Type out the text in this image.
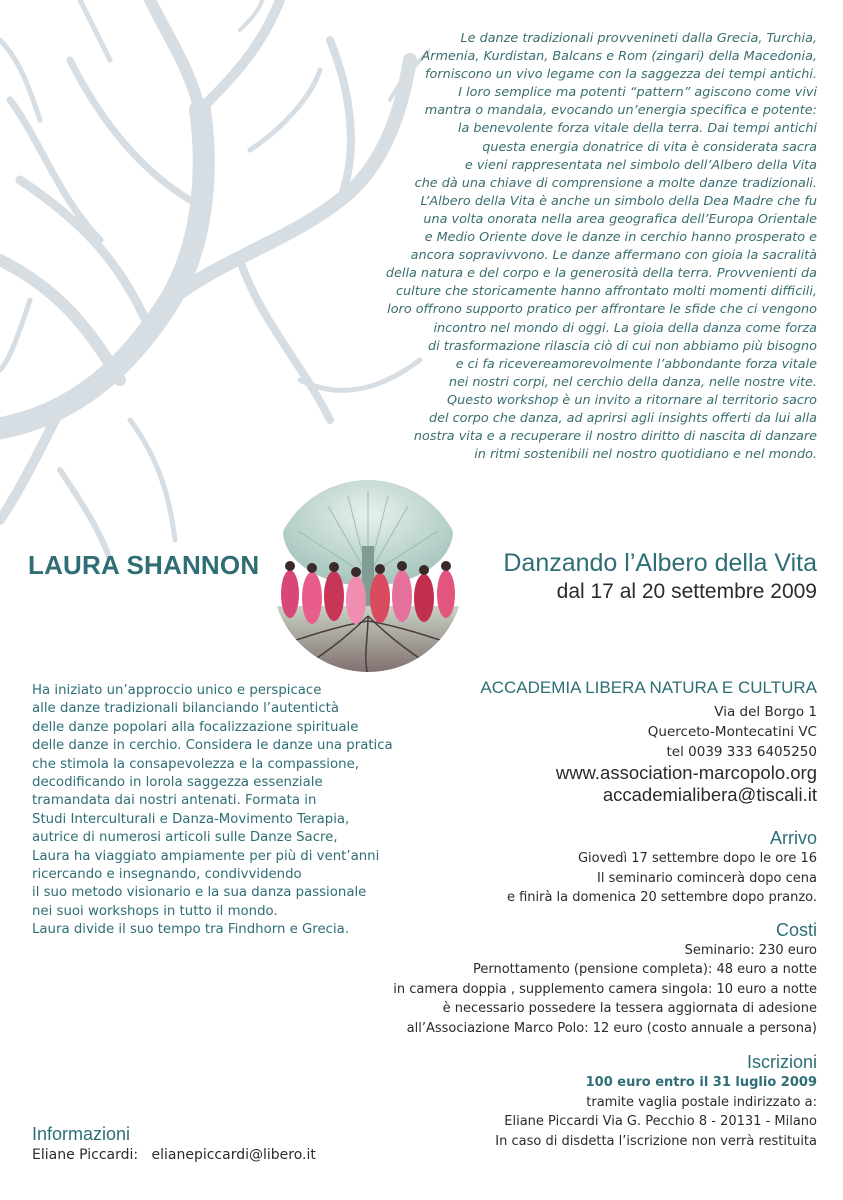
Le danze tradizionali provvenineti dalla Grecia, Turchia,

Armenia, Kurdistan, Balcans e Rom (zingari) della Macedonia,

forniscono un vivo legame con la saggezza dei tempi antichi.

I loro semplice ma potenti “pattern” agiscono come vivi

mantra o mandala, evocando un’energia specifica e potente:

la benevolente forza vitale della terra. Dai tempi antichi

questa energia donatrice di vita è considerata sacra

e vieni rappresentata nel simbolo dell’Albero della Vita

che dà una chiave di comprensione a molte danze tradizionali.

L’Albero della Vita è anche un simbolo della Dea Madre che fu

una volta onorata nella area geografica dell’Europa Orientale

e Medio Oriente dove le danze in cerchio hanno prosperato e

ancora sopravivvono. Le danze affermano con gioia la sacralità

della natura e del corpo e la generosità della terra. Provvenienti da

culture che storicamente hanno affrontato molti momenti difficili,

loro offrono supporto pratico per affrontare le sfide che ci vengono

incontro nel mondo di oggi. La gioia della danza come forza

di trasformazione rilascia ciò di cui non abbiamo più bisogno

e ci fa ricevereamorevolmente l’abbondante forza vitale

nei nostri corpi, nel cerchio della danza, nelle nostre vite.

Questo workshop è un invito a ritornare al territorio sacro

del corpo che danza, ad aprirsi agli insights offerti da lui alla

nostra vita e a recuperare il nostro diritto di nascita di danzare

in ritmi sostenibili nel nostro quotidiano e nel mondo.

LAURA SHANNON	Danzando l’Albero della Vita
dal 17 al 20 settembre 2009

Ha iniziato un’approccio unico e perspicace

alle danze tradizionali bilanciando l’autentictà

delle danze popolari alla focalizzazione spirituale

delle danze in cerchio. Considera le danze una pratica

che stimola la consapevolezza e la compassione,

decodificando in lorola saggezza essenziale

tramandata dai nostri antenati. Formata in

Studi Interculturali e Danza-Movimento Terapia,

autrice di numerosi articoli sulle Danze Sacre,

Laura ha viaggiato ampiamente per più di vent’anni

ricercando e insegnando, condivvidendo

il suo metodo visionario e la sua danza passionale

nei suoi workshops in tutto il mondo.

Laura divide il suo tempo tra Findhorn e Grecia.

ACCADEMIA LIBERA NATURA E CULTURA

Via del Borgo 1

Querceto-Montecatini VC

tel 0039 333 6405250

www.association-marcopolo.org

accademialibera@tiscali.it

Arrivo

Giovedì 17 settembre dopo le ore 16

Il seminario comincerà dopo cena

e finirà la domenica 20 settembre dopo pranzo.

Costi

Seminario: 230 euro

Pernottamento (pensione completa): 48 euro a notte

in camera doppia , supplemento camera singola: 10 euro a notte

è necessario possedere la tessera aggiornata di adesione

all’Associazione Marco Polo: 12 euro (costo annuale a persona)

Iscrizioni

100 euro entro il 31 luglio 2009

tramite vaglia postale indirizzato a:

Eliane Piccardi Via G. Pecchio 8 - 20131 - Milano

In caso di disdetta l’iscrizione non verrà restituita

Informazioni

Eliane Piccardi:   elianepiccardi@libero.it
